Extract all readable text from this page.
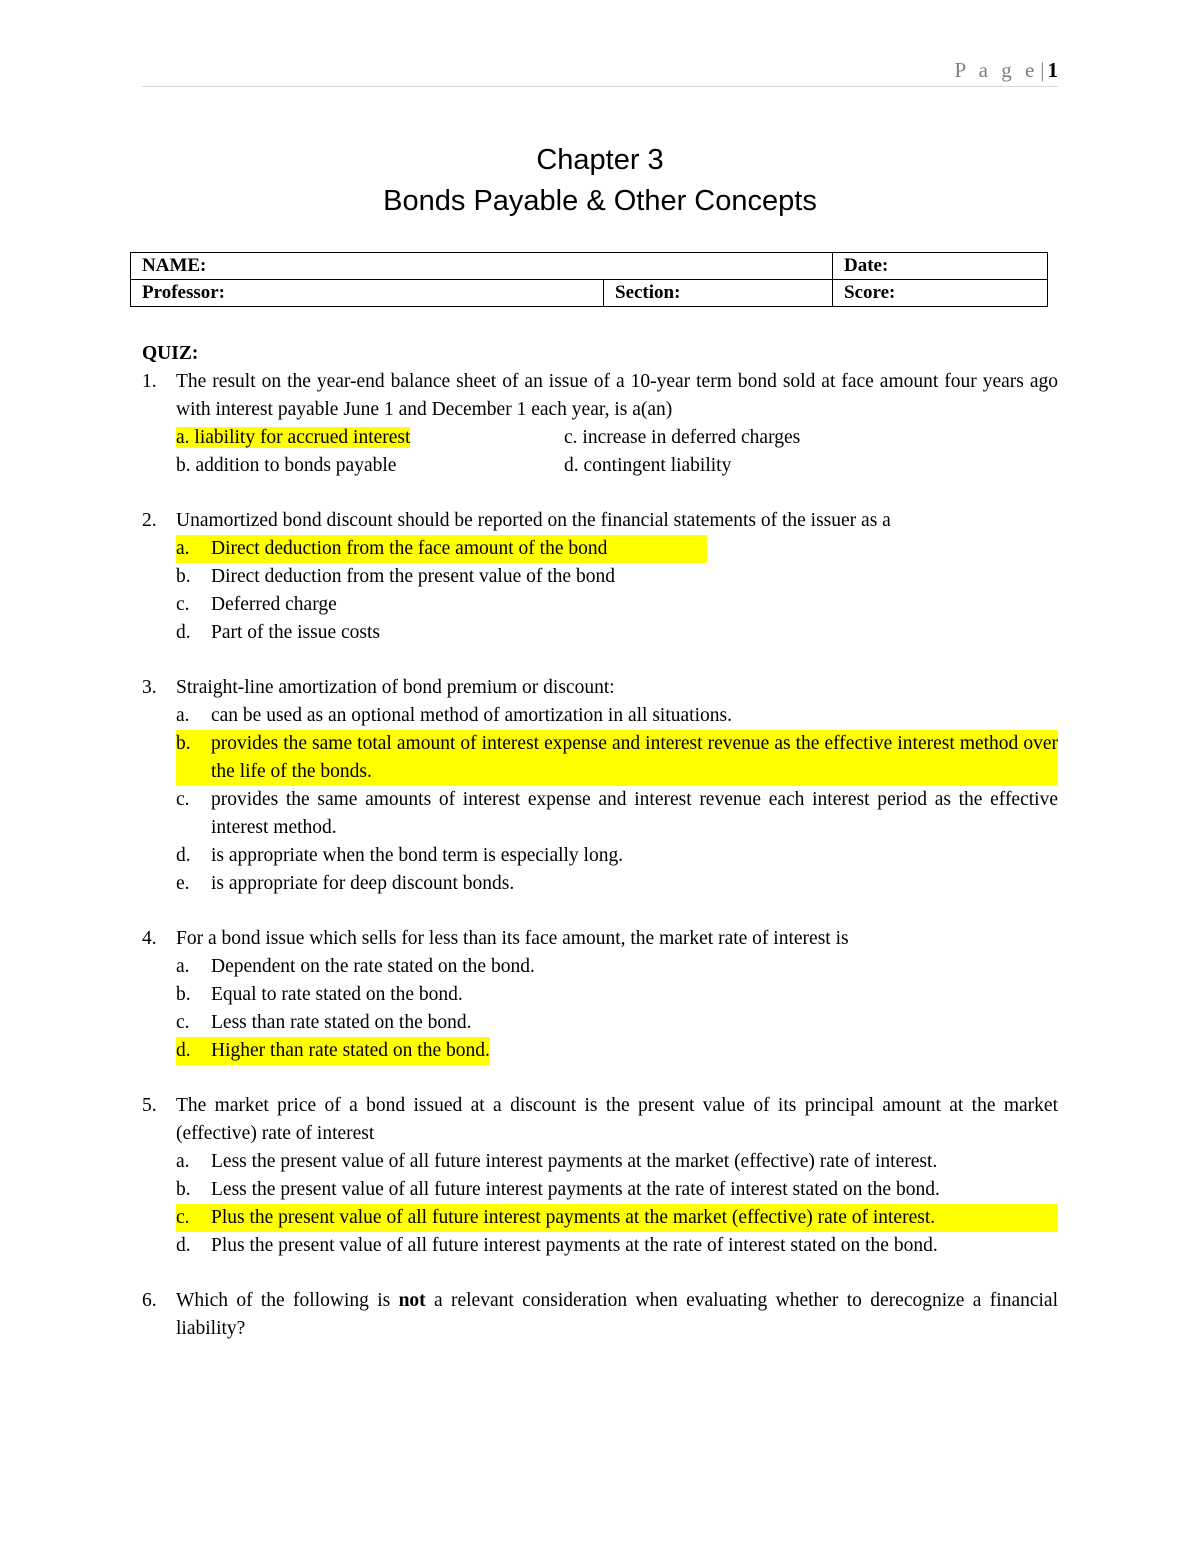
P a g e| 1
Chapter 3
Bonds Payable & Other Concepts
NAME:		Date:
Professor:	Section:	Score:
QUIZ:
1. The result on the year-end balance sheet of an issue of a 10-year term bond sold at face amount four years ago with interest payable June 1 and December 1 each year, is a(an)
a. liability for accrued interest	c. increase in deferred charges
b. addition to bonds payable	d. contingent liability
2. Unamortized bond discount should be reported on the financial statements of the issuer as a
a.	Direct deduction from the face amount of the bond
b.	Direct deduction from the present value of the bond
c.	Deferred charge
d.	Part of the issue costs
3. Straight-line amortization of bond premium or discount:
a.	can be used as an optional method of amortization in all situations.
b.	provides the same total amount of interest expense and interest revenue as the effective interest method over the life of the bonds.
c.	provides the same amounts of interest expense and interest revenue each interest period as the effective interest method.
d.	is appropriate when the bond term is especially long.
e.	is appropriate for deep discount bonds.
4. For a bond issue which sells for less than its face amount, the market rate of interest is
a.	Dependent on the rate stated on the bond.
b.	Equal to rate stated on the bond.
c.	Less than rate stated on the bond.
d. Higher than rate stated on the bond.
5. The market price of a bond issued at a discount is the present value of its principal amount at the market (effective) rate of interest
a.	Less the present value of all future interest payments at the market (effective) rate of interest.
b.	Less the present value of all future interest payments at the rate of interest stated on the bond.
c.	Plus the present value of all future interest payments at the market (effective) rate of interest.
d.	Plus the present value of all future interest payments at the rate of interest stated on the bond.
6. Which of the following is not a relevant consideration when evaluating whether to derecognize a financial liability?
